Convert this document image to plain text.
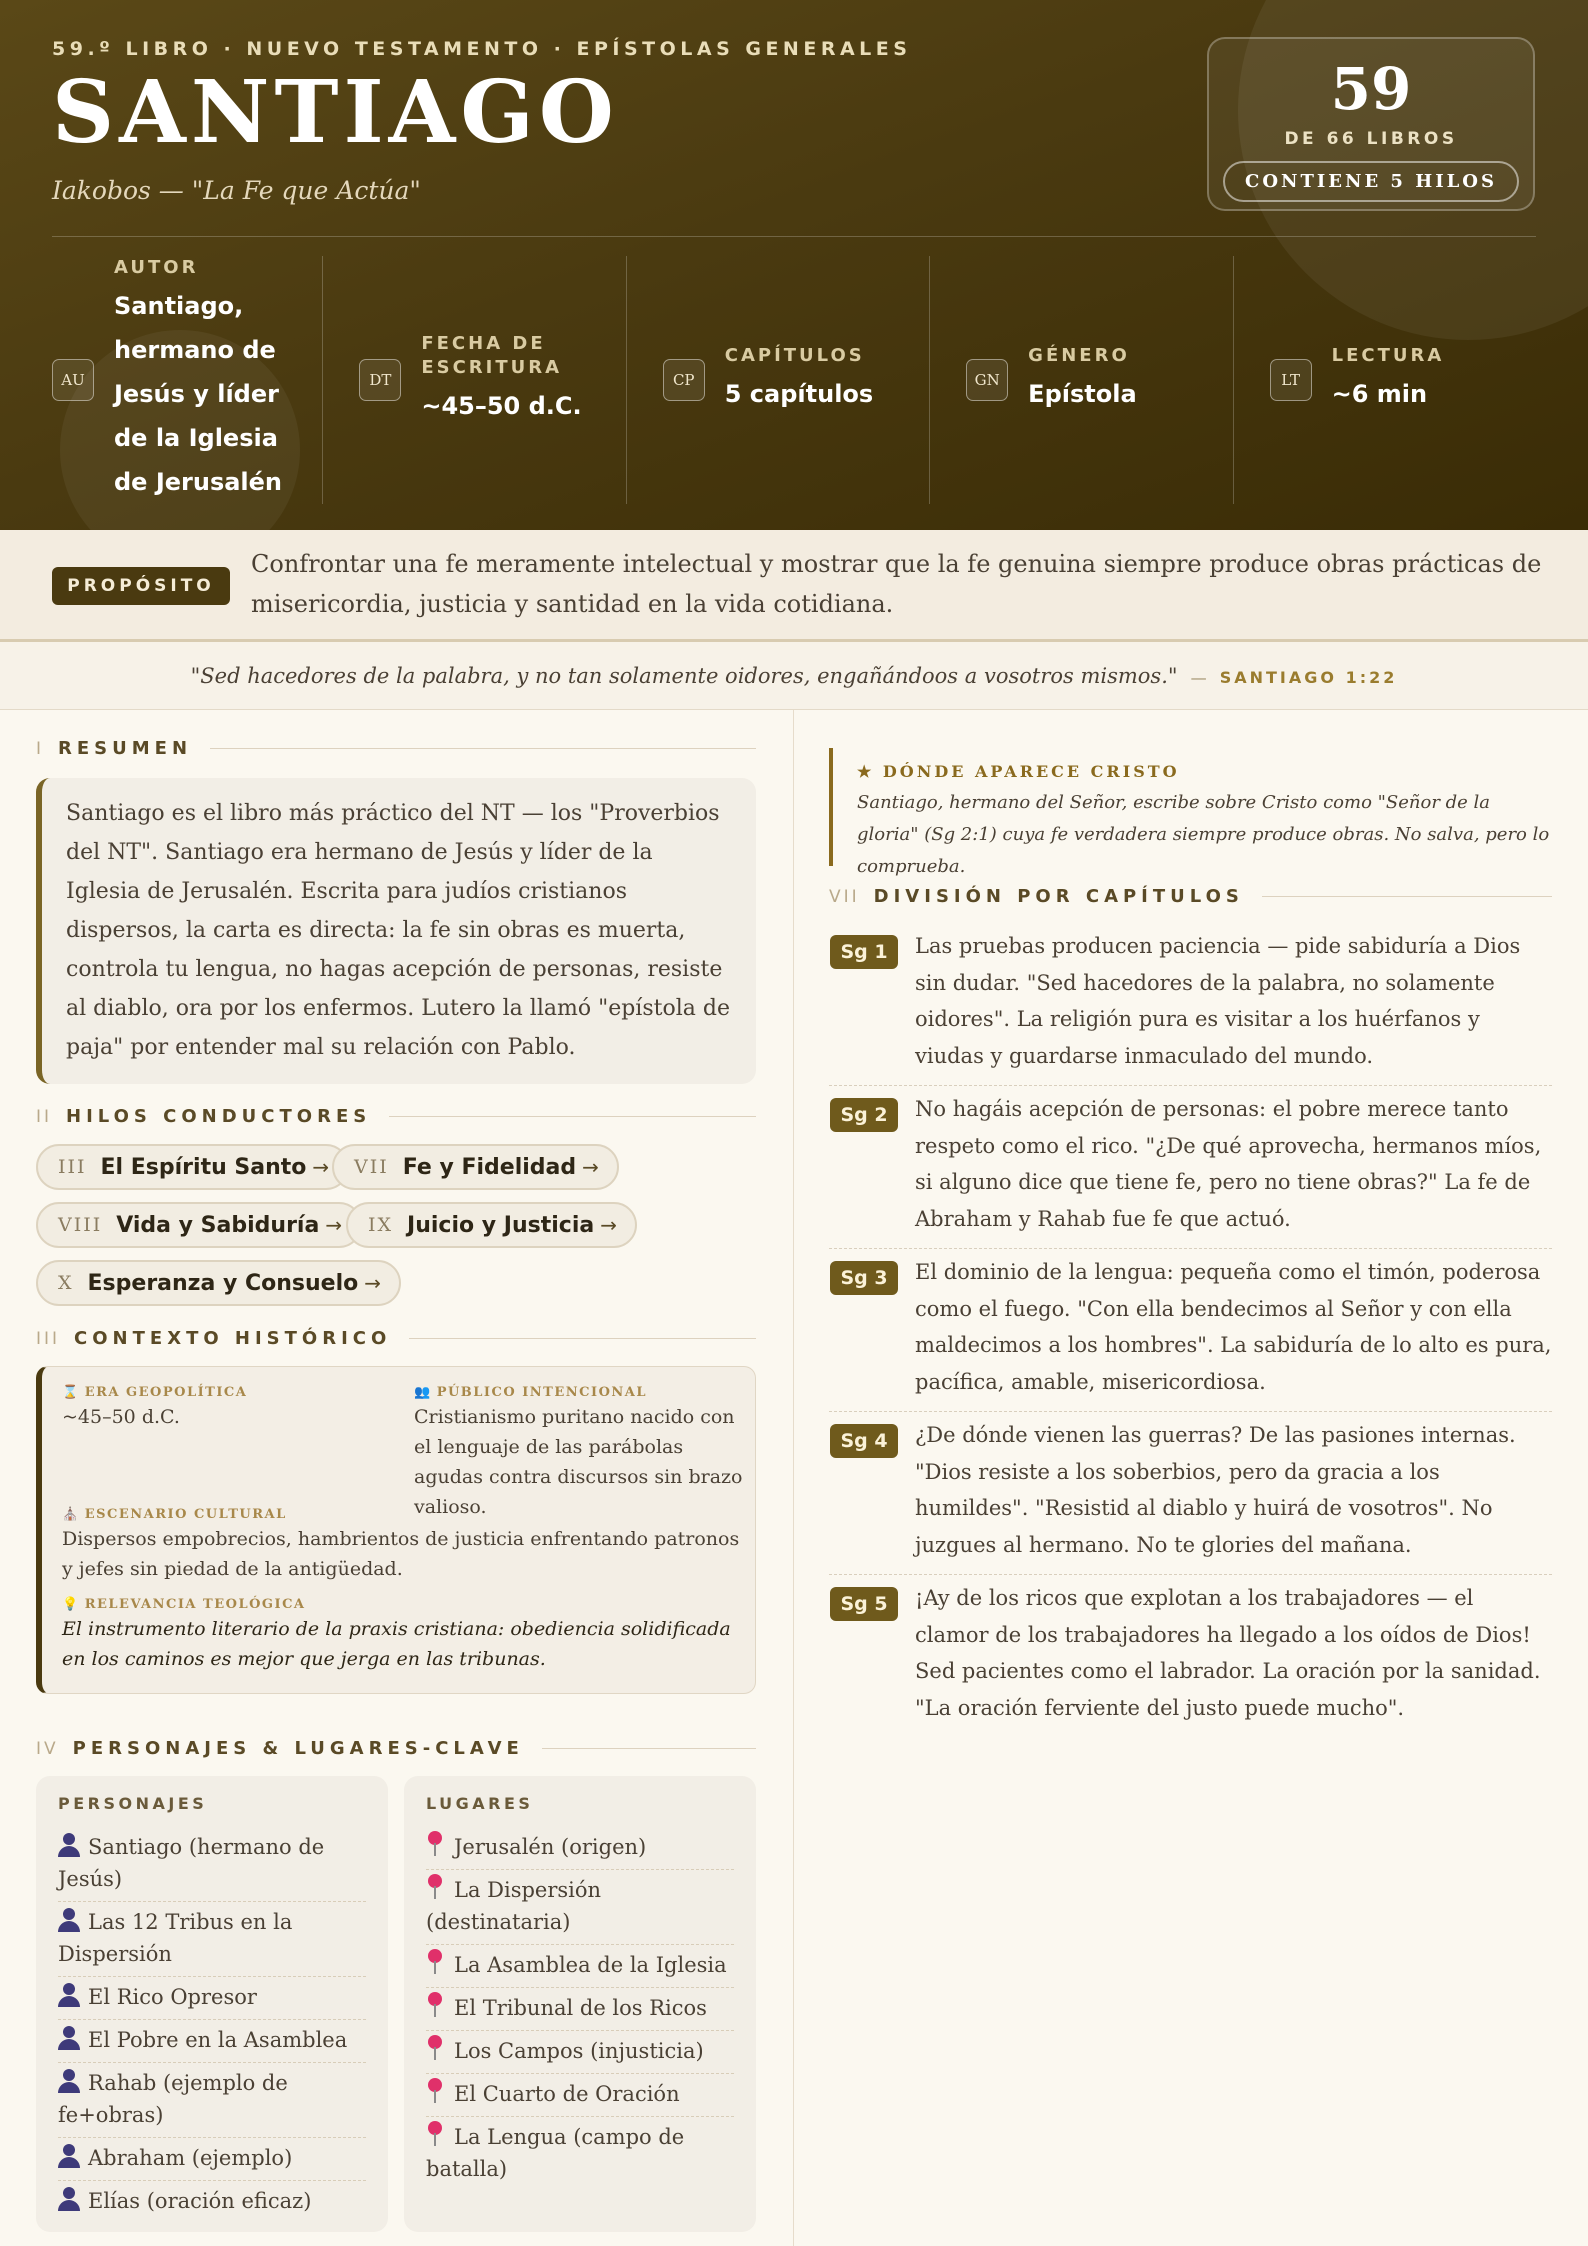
59.º LIBRO · NUEVO TESTAMENTO · EPÍSTOLAS GENERALES
SANTIAGO
Iakobos — "La Fe que Actúa"
59
DE 66 LIBROS
CONTIENE 5 HILOS
AU
AUTOR
Santiago, hermano de Jesús y líder de la Iglesia de Jerusalén
DT
FECHA DE ESCRITURA
~45–50 d.C.
CP
CAPÍTULOS
5 capítulos	GN
GÉNERO
Epístola	LT
LECTURA
~6 min
PROPÓSITO
Confrontar una fe meramente intelectual y mostrar que la fe genuina siempre produce obras prácticas de misericordia, justicia y santidad en la vida cotidiana.
"Sed hacedores de la palabra, y no tan solamente oidores, engañándoos a vosotros mismos." — SANTIAGO 1:22
I RESUMEN
Santiago es el libro más práctico del NT — los "Proverbios del NT". Santiago era hermano de Jesús y líder de la Iglesia de Jerusalén. Escrita para judíos cristianos dispersos, la carta es directa: la fe sin obras es muerta, controla tu lengua, no hagas acepción de personas, resiste al diablo, ora por los enfermos. Lutero la llamó "epístola de paja" por entender mal su relación con Pablo.
II HILOS CONDUCTORES
III El Espíritu Santo → VII Fe y Fidelidad →
VIII Vida y Sabiduría → IX Juicio y Justicia →
X Esperanza y Consuelo →
III CONTEXTO HISTÓRICO
⌛ ERA GEOPOLÍTICA
~45–50 d.C.
👥 PÚBLICO INTENCIONAL
Cristianismo puritano nacido con el lenguaje de las parábolas agudas contra discursos sin brazo valioso.
⛪ ESCENARIO CULTURAL
Dispersos empobrecios, hambrientos de justicia enfrentando patronos y jefes sin piedad de la antigüedad.
💡 RELEVANCIA TEOLÓGICA
El instrumento literario de la praxis cristiana: obediencia solidificada en los caminos es mejor que jerga en las tribunas.
IV PERSONAJES & LUGARES-CLAVE
PERSONAJES
Santiago (hermano de Jesús)
Las 12 Tribus en la Dispersión
El Rico Opresor
El Pobre en la Asamblea
Rahab (ejemplo de fe+obras)
Abraham (ejemplo)
Elías (oración eficaz)
LUGARES
Jerusalén (origen)
La Dispersión (destinataria)
La Asamblea de la Iglesia
El Tribunal de los Ricos
Los Campos (injusticia)
El Cuarto de Oración
La Lengua (campo de batalla)
★ DÓNDE APARECE CRISTO
Santiago, hermano del Señor, escribe sobre Cristo como "Señor de la gloria" (Sg 2:1) cuya fe verdadera siempre produce obras. No salva, pero lo comprueba.
VII DIVISIÓN POR CAPÍTULOS
Sg 1	Las pruebas producen paciencia — pide sabiduría a Dios sin dudar. "Sed hacedores de la palabra, no solamente oidores". La religión pura es visitar a los huérfanos y viudas y guardarse inmaculado del mundo.
Sg 2	No hagáis acepción de personas: el pobre merece tanto respeto como el rico. "¿De qué aprovecha, hermanos míos, si alguno dice que tiene fe, pero no tiene obras?" La fe de Abraham y Rahab fue fe que actuó.
Sg 3	El dominio de la lengua: pequeña como el timón, poderosa como el fuego. "Con ella bendecimos al Señor y con ella maldecimos a los hombres". La sabiduría de lo alto es pura, pacífica, amable, misericordiosa.
Sg 4	¿De dónde vienen las guerras? De las pasiones internas. "Dios resiste a los soberbios, pero da gracia a los humildes". "Resistid al diablo y huirá de vosotros". No juzgues al hermano. No te glories del mañana.
Sg 5	¡Ay de los ricos que explotan a los trabajadores — el clamor de los trabajadores ha llegado a los oídos de Dios! Sed pacientes como el labrador. La oración por la sanidad. "La oración ferviente del justo puede mucho".
